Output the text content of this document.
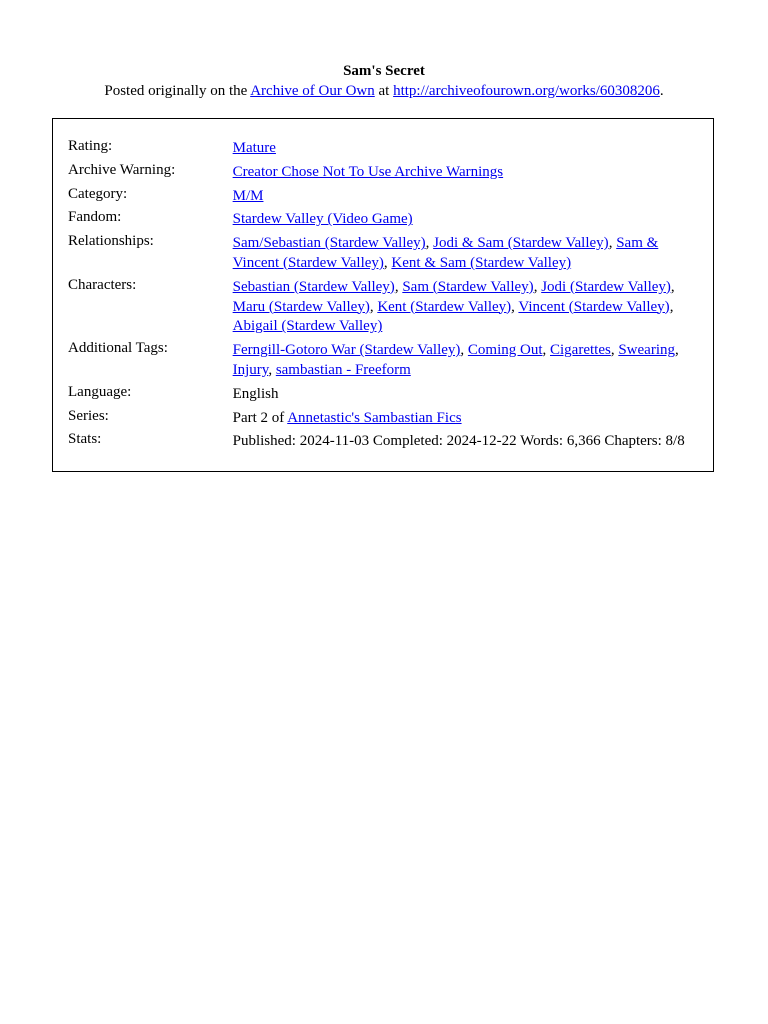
Sam's Secret
Posted originally on the Archive of Our Own at http://archiveofourown.org/works/60308206.
Rating:	Mature
Archive Warning:	Creator Chose Not To Use Archive Warnings
Category:	M/M
Fandom:	Stardew Valley (Video Game)
Relationships:	Sam/Sebastian (Stardew Valley), Jodi & Sam (Stardew Valley), Sam & Vincent (Stardew Valley), Kent & Sam (Stardew Valley)
Characters:	Sebastian (Stardew Valley), Sam (Stardew Valley), Jodi (Stardew Valley), Maru (Stardew Valley), Kent (Stardew Valley), Vincent (Stardew Valley), Abigail (Stardew Valley)
Additional Tags:	Ferngill-Gotoro War (Stardew Valley), Coming Out, Cigarettes, Swearing, Injury, sambastian - Freeform
Language:	English
Series:	Part 2 of Annetastic's Sambastian Fics
Stats:	Published: 2024-11-03 Completed: 2024-12-22 Words: 6,366 Chapters: 8/8
